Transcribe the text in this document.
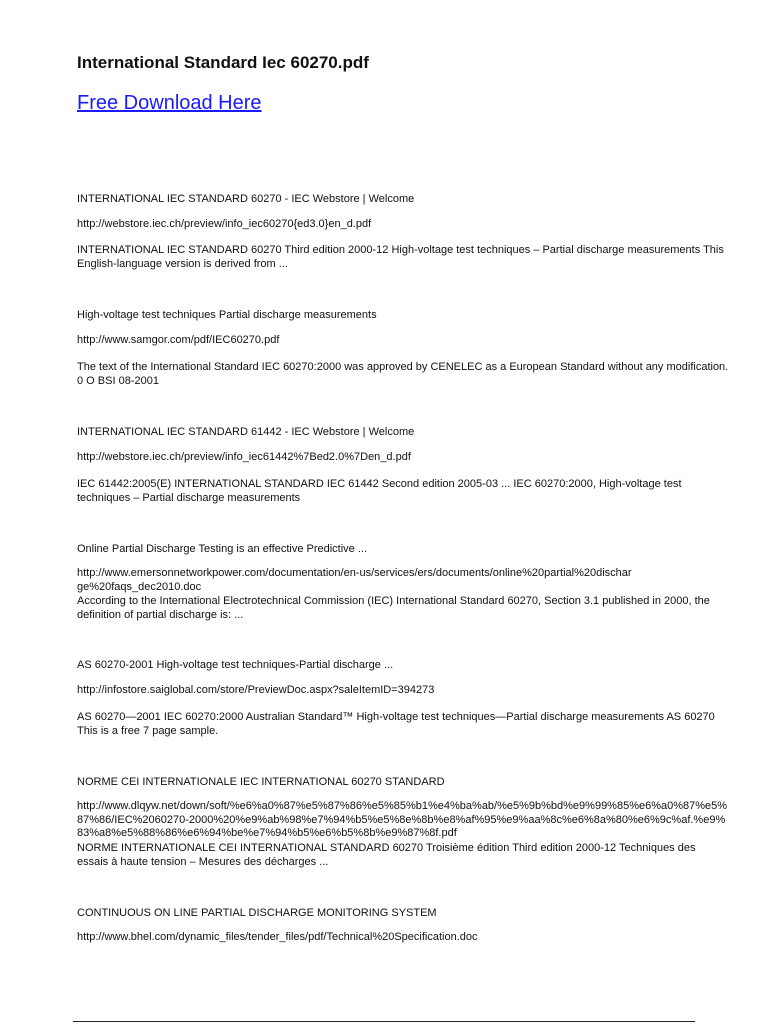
International Standard Iec 60270.pdf
Free Download Here
INTERNATIONAL IEC STANDARD 60270 - IEC Webstore | Welcome
http://webstore.iec.ch/preview/info_iec60270{ed3.0}en_d.pdf
INTERNATIONAL IEC STANDARD 60270 Third edition 2000-12 High-voltage test techniques – Partial discharge measurements This English-language version is derived from ...
High-voltage test techniques Partial discharge measurements
http://www.samgor.com/pdf/IEC60270.pdf
The text of the International Standard IEC 60270:2000 was approved by CENELEC as a European Standard without any modification. 0 O BSI 08-2001
INTERNATIONAL IEC STANDARD 61442 - IEC Webstore | Welcome
http://webstore.iec.ch/preview/info_iec61442%7Bed2.0%7Den_d.pdf
IEC 61442:2005(E) INTERNATIONAL STANDARD IEC 61442 Second edition 2005-03 ... IEC 60270:2000, High-voltage test techniques – Partial discharge measurements
Online Partial Discharge Testing is an effective Predictive ...
http://www.emersonnetworkpower.com/documentation/en-us/services/ers/documents/online%20partial%20discharge%20faqs_dec2010.doc
According to the International Electrotechnical Commission (IEC) International Standard 60270, Section 3.1 published in 2000, the definition of partial discharge is: ...
AS 60270-2001 High-voltage test techniques-Partial discharge ...
http://infostore.saiglobal.com/store/PreviewDoc.aspx?saleItemID=394273
AS 60270—2001 IEC 60270:2000 Australian Standard™ High-voltage test techniques—Partial discharge measurements AS 60270 This is a free 7 page sample.
NORME CEI INTERNATIONALE IEC INTERNATIONAL 60270 STANDARD
http://www.dlqyw.net/down/soft/%e6%a0%87%e5%87%86%e5%85%b1%e4%ba%ab/%e5%9b%bd%e9%99%85%e6%a0%87%e5%87%86/IEC%2060270-2000%20%e9%ab%98%e7%94%b5%e5%8e%8b%e8%af%95%e9%aa%8c%e6%8a%80%e6%9c%af.%e9%83%a8%e5%88%86%e6%94%be%e7%94%b5%e6%b5%8b%e9%87%8f.pdf
NORME INTERNATIONALE CEI INTERNATIONAL STANDARD 60270 Troisième édition Third edition 2000-12 Techniques des essais à haute tension – Mesures des décharges ...
CONTINUOUS ON LINE PARTIAL DISCHARGE MONITORING SYSTEM
http://www.bhel.com/dynamic_files/tender_files/pdf/Technical%20Specification.doc
